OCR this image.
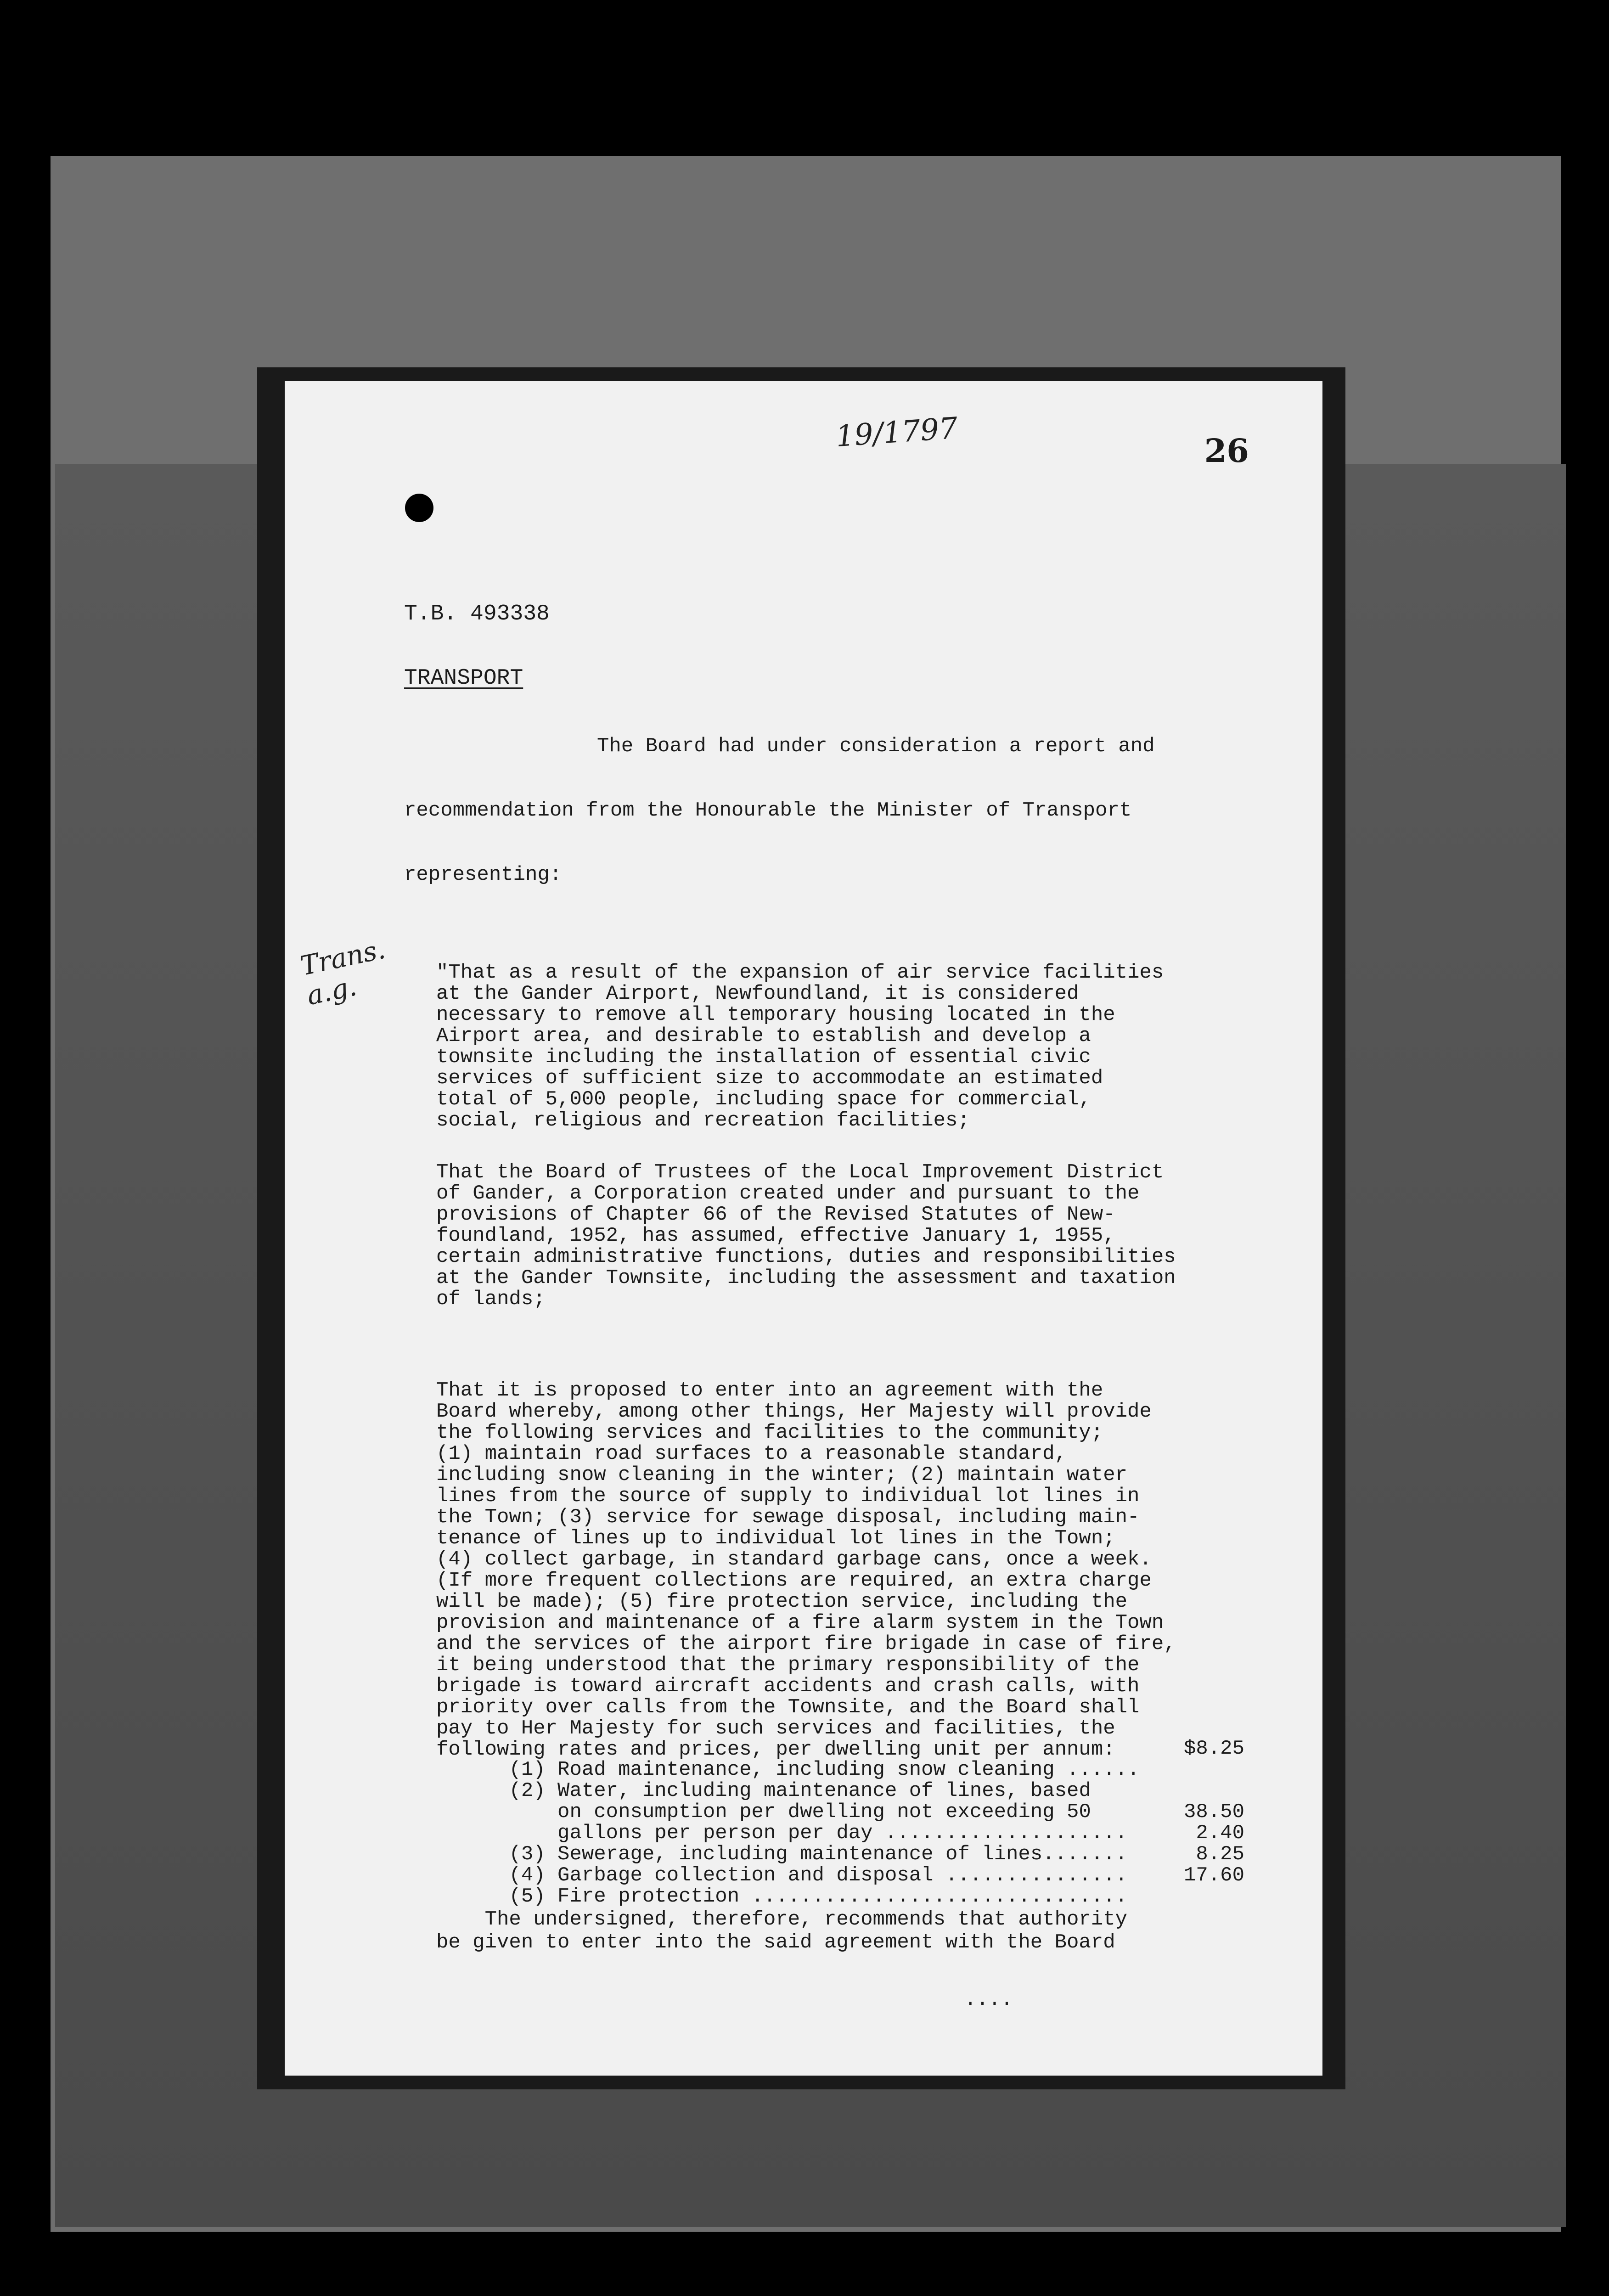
19/1797	26
T.B. 493338
TRANSPORT
The Board had under consideration a report and
recommendation from the Honourable the Minister of Transport
representing:
Trans. a.g.	"That as a result of the expansion of air service facilities
at the Gander Airport, Newfoundland, it is considered
necessary to remove all temporary housing located in the
Airport area, and desirable to establish and develop a
townsite including the installation of essential civic
services of sufficient size to accommodate an estimated
total of 5,000 people, including space for commercial,
social, religious and recreation facilities;
That the Board of Trustees of the Local Improvement District
of Gander, a Corporation created under and pursuant to the
provisions of Chapter 66 of the Revised Statutes of New-
foundland, 1952, has assumed, effective January 1, 1955,
certain administrative functions, duties and responsibilities
at the Gander Townsite, including the assessment and taxation
of lands;
That it is proposed to enter into an agreement with the
Board whereby, among other things, Her Majesty will provide
the following services and facilities to the community;
(1) maintain road surfaces to a reasonable standard,
including snow cleaning in the winter; (2) maintain water
lines from the source of supply to individual lot lines in
the Town; (3) service for sewage disposal, including main-
tenance of lines up to individual lot lines in the Town;
(4) collect garbage, in standard garbage cans, once a week.
(If more frequent collections are required, an extra charge
will be made); (5) fire protection service, including the
provision and maintenance of a fire alarm system in the Town
and the services of the airport fire brigade in case of fire,
it being understood that the primary responsibility of the
brigade is toward aircraft accidents and crash calls, with
priority over calls from the Townsite, and the Board shall
pay to Her Majesty for such services and facilities, the
following rates and prices, per dwelling unit per annum:

(1) Road maintenance, including snow cleaning ......

$8.25

(2) Water, including maintenance of lines, based

on consumption per dwelling not exceeding 50

gallons per person per day ....................

38.50

(3) Sewerage, including maintenance of lines.......

2.40

(4) Garbage collection and disposal ...............

8.25

(5) Fire protection ...............................

17.60

The undersigned, therefore, recommends that authority
be given to enter into the said agreement with the Board
....
